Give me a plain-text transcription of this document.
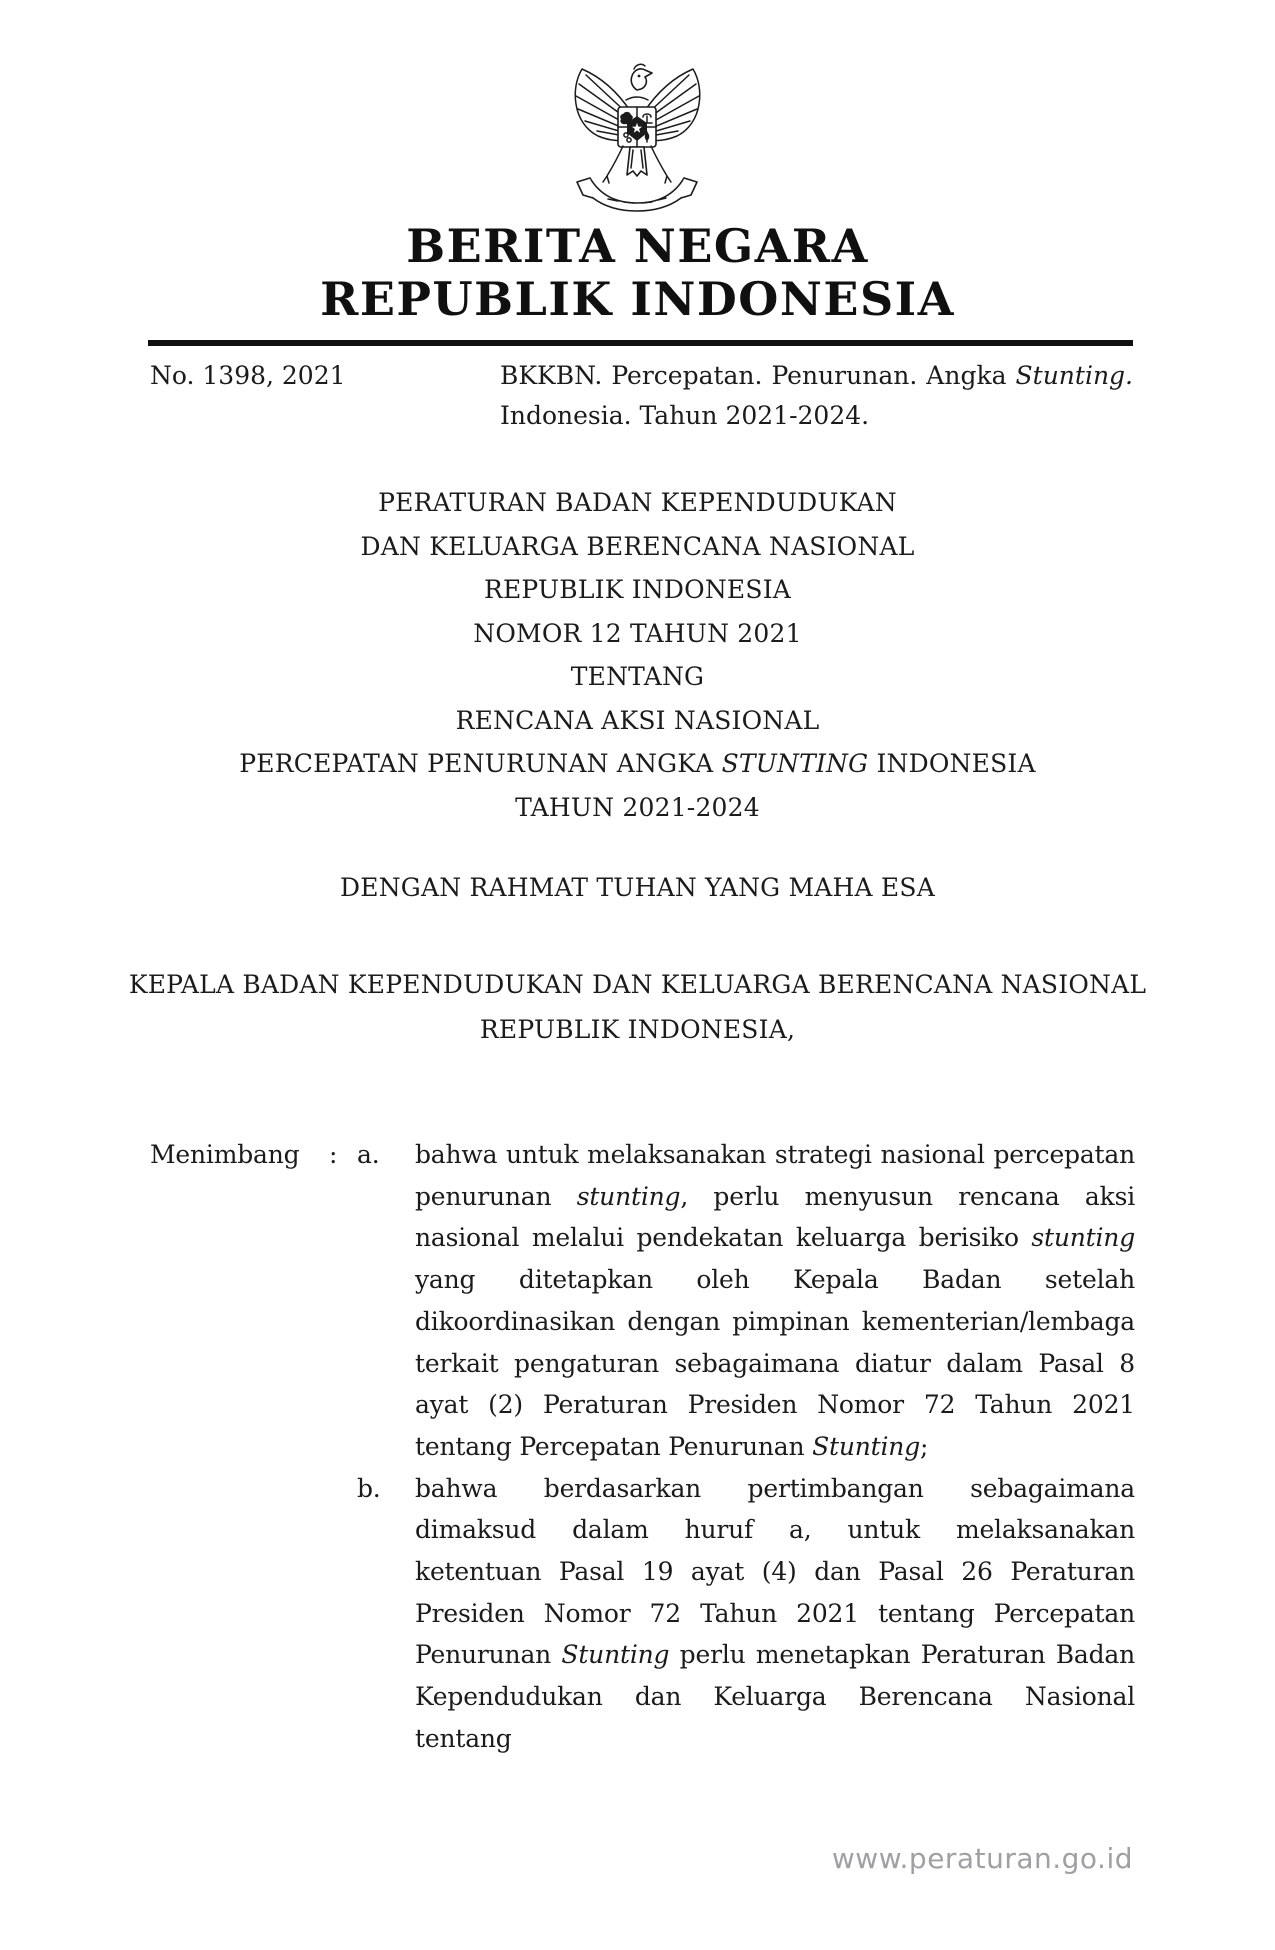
BERITA NEGARA
REPUBLIK INDONESIA
No. 1398, 2021	BKKBN. Percepatan. Penurunan. Angka Stunting.
Indonesia. Tahun 2021-2024.
PERATURAN BADAN KEPENDUDUKAN
DAN KELUARGA BERENCANA NASIONAL
REPUBLIK INDONESIA
NOMOR 12 TAHUN 2021
TENTANG
RENCANA AKSI NASIONAL
PERCEPATAN PENURUNAN ANGKA STUNTING INDONESIA
TAHUN 2021-2024
DENGAN RAHMAT TUHAN YANG MAHA ESA
KEPALA BADAN KEPENDUDUKAN DAN KELUARGA BERENCANA NASIONAL
REPUBLIK INDONESIA,
Menimbang : a. bahwa untuk melaksanakan strategi nasional percepatan
penurunan stunting, perlu menyusun rencana aksi
nasional melalui pendekatan keluarga berisiko stunting
yang ditetapkan oleh Kepala Badan setelah
dikoordinasikan dengan pimpinan kementerian/lembaga
terkait pengaturan sebagaimana diatur dalam Pasal 8
ayat (2) Peraturan Presiden Nomor 72 Tahun 2021
tentang Percepatan Penurunan Stunting;
b. bahwa berdasarkan pertimbangan sebagaimana
dimaksud dalam huruf a, untuk melaksanakan
ketentuan Pasal 19 ayat (4) dan Pasal 26 Peraturan
Presiden Nomor 72 Tahun 2021 tentang Percepatan
Penurunan Stunting perlu menetapkan Peraturan Badan
Kependudukan dan Keluarga Berencana Nasional tentang
www.peraturan.go.id
